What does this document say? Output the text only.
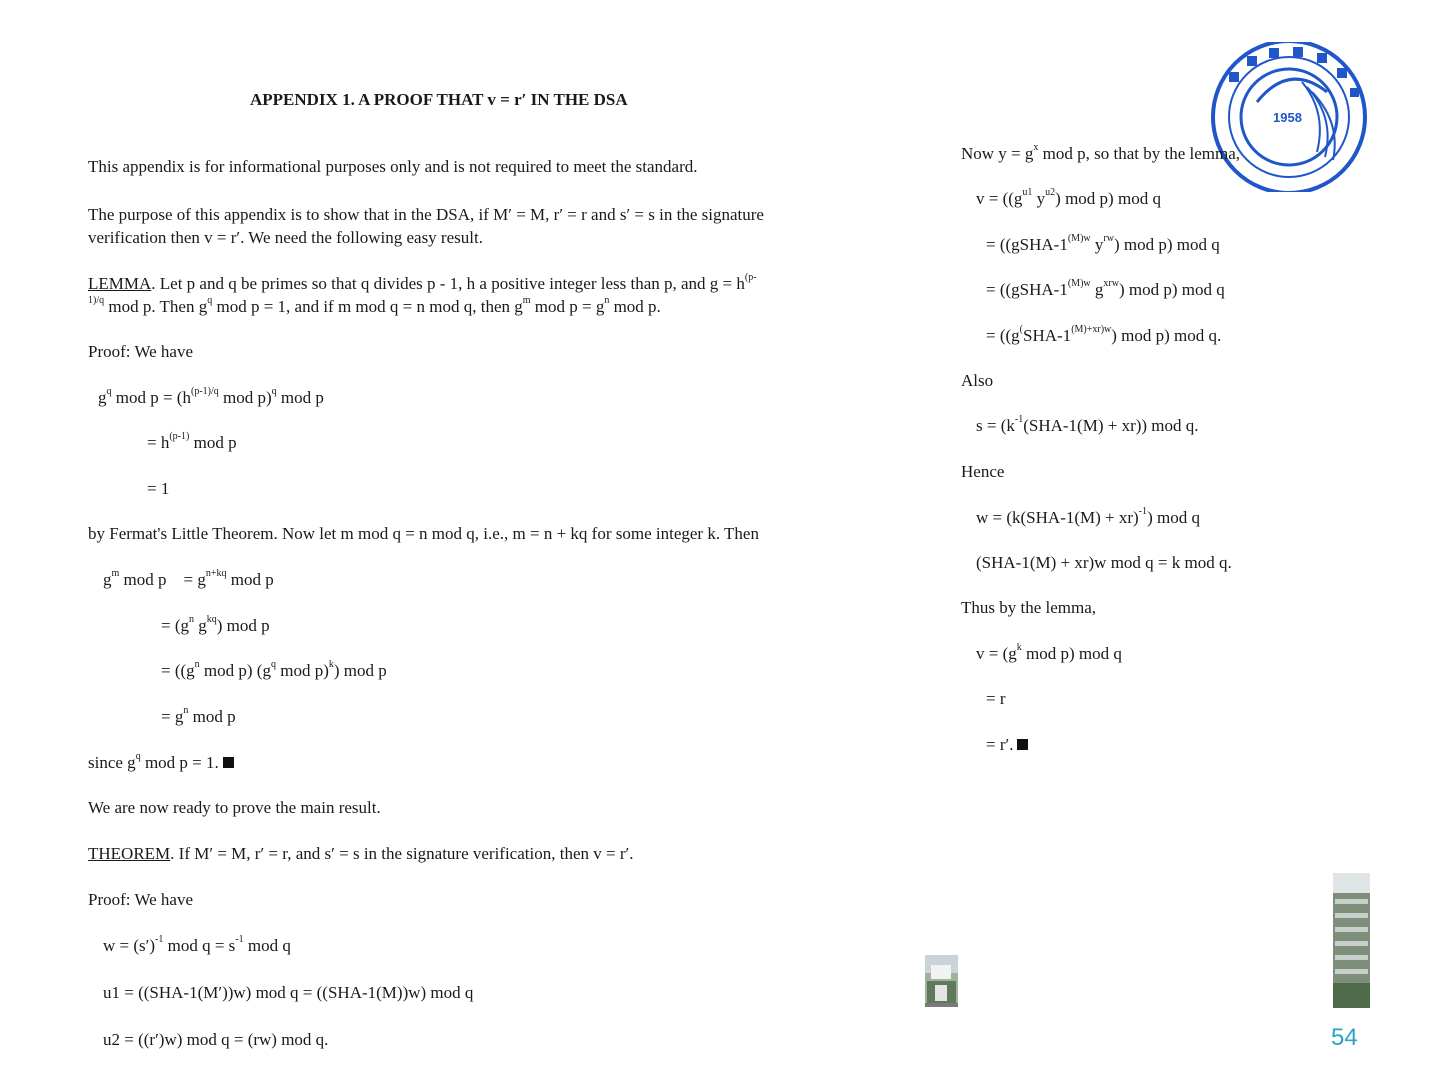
1958
APPENDIX 1. A PROOF THAT v = r′ IN THE DSA
This appendix is for informational purposes only and is not required to meet the standard.
The purpose of this appendix is to show that in the DSA, if M′ = M, r′ = r and s′ = s in the signature
verification then v = r′. We need the following easy result.
LEMMA. Let p and q be primes so that q divides p - 1, h a positive integer less than p, and $g = h^{(p-}$
$^{1)/q}$ mod p. Then $g^q$ mod p = 1, and if m mod q = n mod q, then $g^m$ mod $p = g^n$ mod p.
Proof: We have
$g^q$ mod $p = (h^{(p-1)/q}$ mod p)$^q$ mod p
= $h^{(p-1)}$ mod p
= 1
by Fermat's Little Theorem. Now let m mod q = n mod q, i.e., m = n + kq for some integer k. Then
$g^m$ mod p    = $g^{n+kq}$ mod p
= ($g^n$ $g^{kq}$) mod p
= (($g^n$ mod p) ($g^q$ mod p)$^k$) mod p
= $g^n$ mod p
since $g^q$ mod p = 1.
We are now ready to prove the main result.
THEOREM. If M′ = M, r′ = r, and s′ = s in the signature verification, then v = r′.
Proof: We have
$w = (s')^{-1}$ mod $q = s^{-1}$ mod q
u1 = ((SHA-1(M′))w) mod q = ((SHA-1(M))w) mod q
u2 = ((r′)w) mod q = (rw) mod q.
Now $y = g^x$ mod p, so that by the lemma,
$v = ((g^{u1}$ $y^{u2}$) mod p) mod q
= (($gSHA-1^{(M)w}$ $y^{rw}$) mod p) mod q
= (($gSHA-1^{(M)w}$ $g^{xrw}$) mod p) mod q
= ($(g^(SHA-1^{(M)+xr)w})$ mod p) mod q.
Also
$s = (k^{-1}(SHA-1(M) + xr))$ mod q.
Hence
w = (k(SHA-1(M) + xr)$^{-1}$) mod q
(SHA-1(M) + xr)w mod q = k mod q.
Thus by the lemma,
$v = (g^k$ mod p) mod q
= r
= r′.
54
